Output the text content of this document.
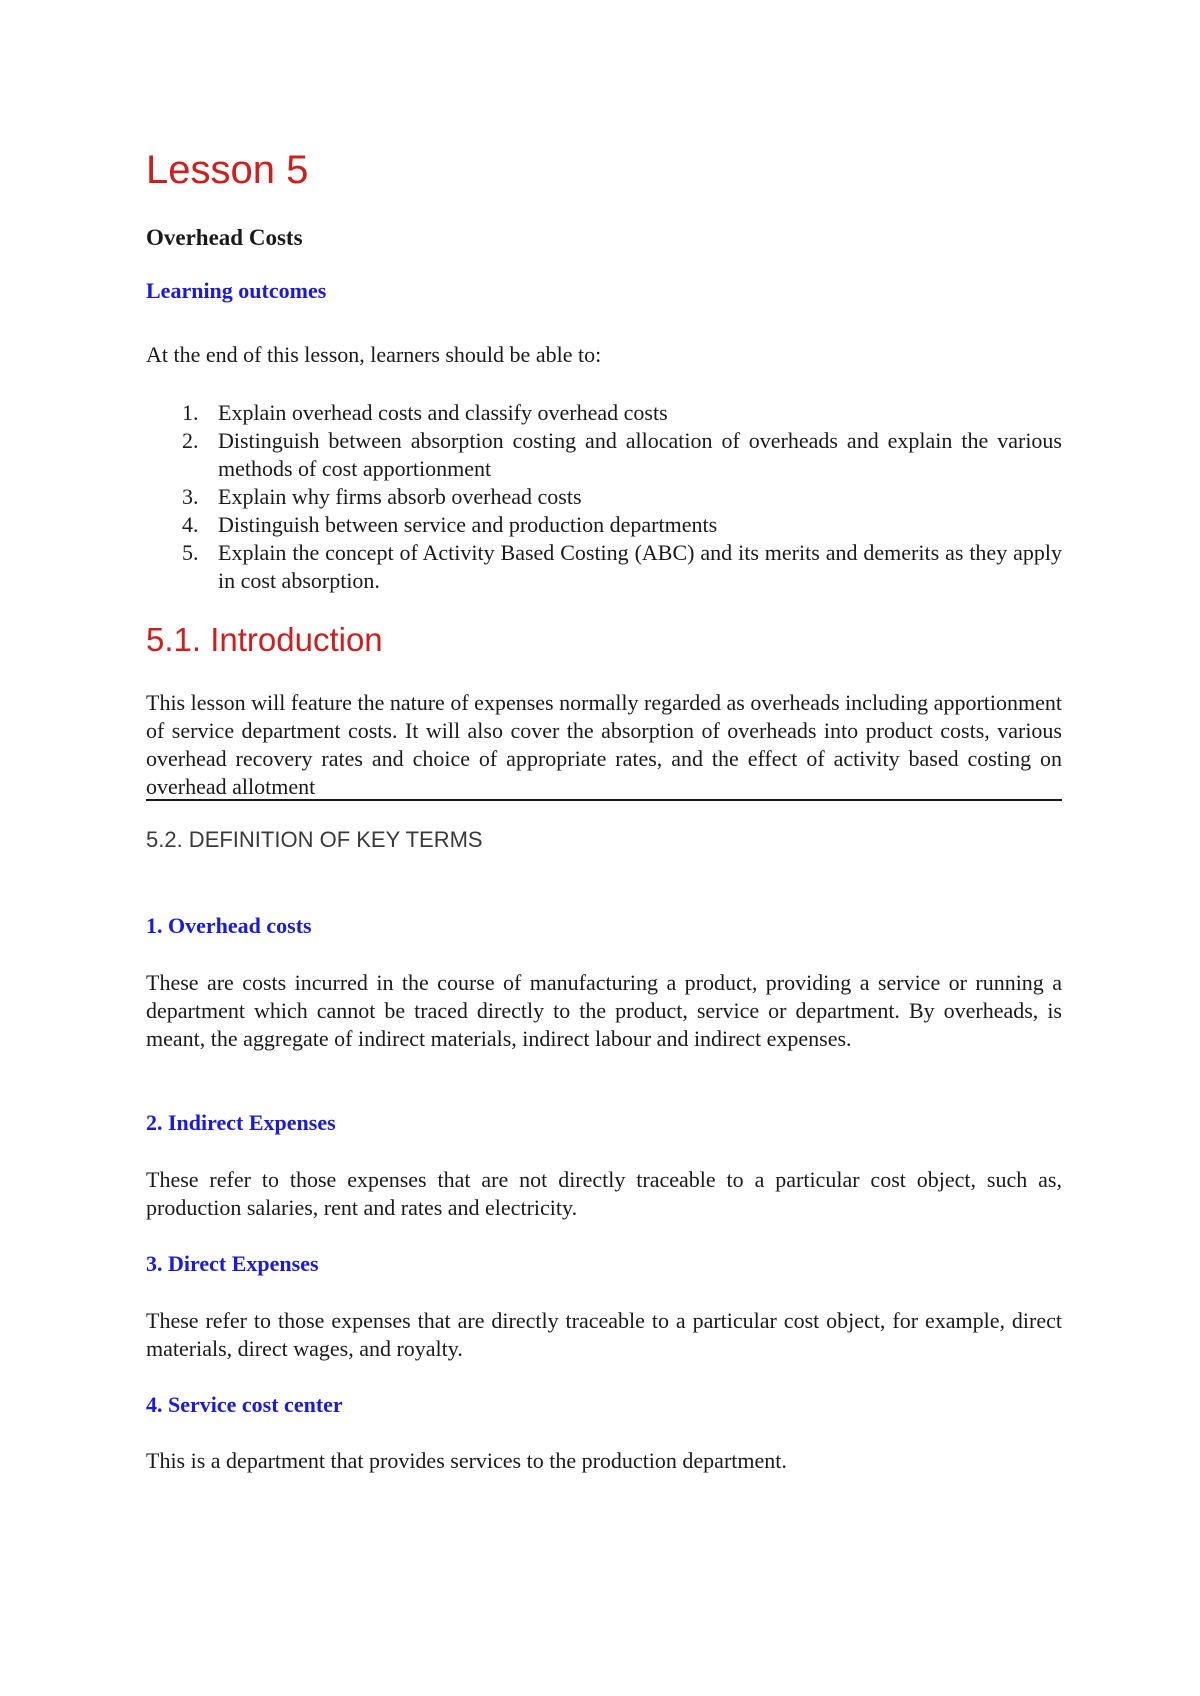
Lesson 5
Overhead Costs
Learning outcomes

At the end of this lesson, learners should be able to:

1. Explain overhead costs and classify overhead costs
2. Distinguish between absorption costing and allocation of overheads and explain the various methods of cost apportionment
3. Explain why firms absorb overhead costs
4. Distinguish between service and production departments
5. Explain the concept of Activity Based Costing (ABC) and its merits and demerits as they apply in cost absorption.
5.1. Introduction

This lesson will feature the nature of expenses normally regarded as overheads including apportionment of service department costs. It will also cover the absorption of overheads into product costs, various overhead recovery rates and choice of appropriate rates, and the effect of activity based costing on overhead allotment

5.2. DEFINITION OF KEY TERMS
1. Overhead costs

These are costs incurred in the course of manufacturing a product, providing a service or running a department which cannot be traced directly to the product, service or department. By overheads, is meant, the aggregate of indirect materials, indirect labour and indirect expenses.

2. Indirect Expenses

These refer to those expenses that are not directly traceable to a particular cost object, such as, production salaries, rent and rates and electricity.

3. Direct Expenses

These refer to those expenses that are directly traceable to a particular cost object, for example, direct materials, direct wages, and royalty.

4. Service cost center

This is a department that provides services to the production department.
